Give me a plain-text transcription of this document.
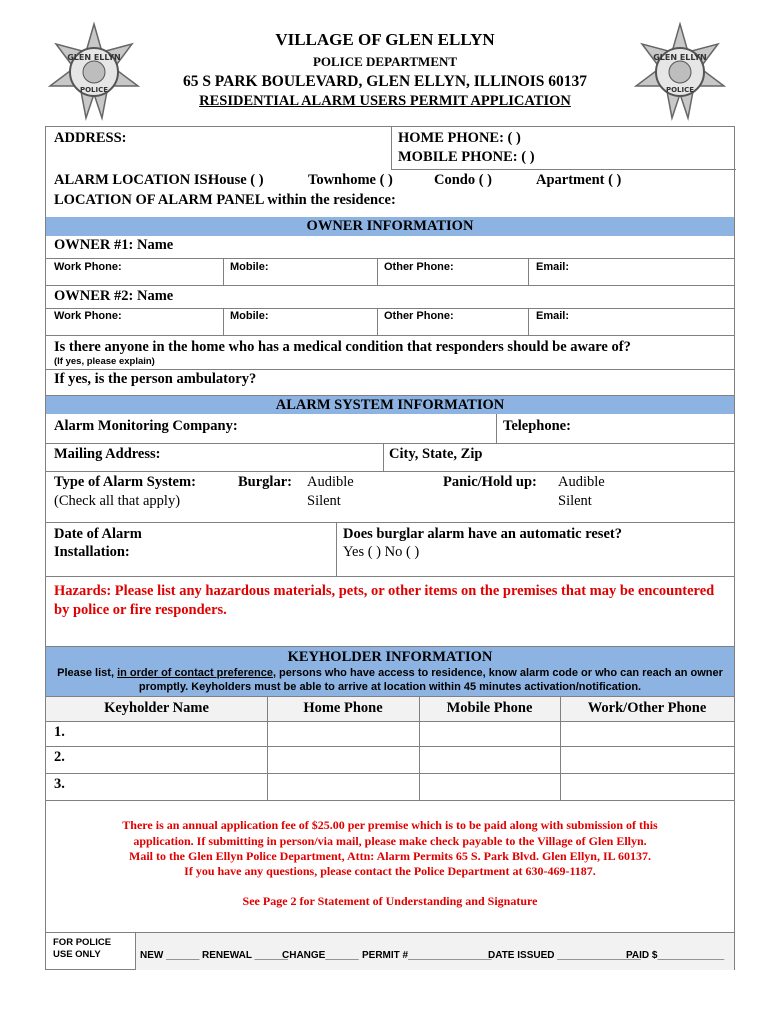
GLEN ELLYN
POLICE
GLEN ELLYN
POLICE
VILLAGE OF GLEN ELLYN
POLICE DEPARTMENT
65 S PARK BOULEVARD, GLEN ELLYN, ILLINOIS 60137
RESIDENTIAL ALARM USERS PERMIT APPLICATION
ADDRESS:	HOME PHONE: ( )
MOBILE PHONE: ( )
ALARM LOCATION IS:
House ( )	Townhome ( )	Condo ( )	Apartment ( )
LOCATION OF ALARM PANEL within the residence:
OWNER INFORMATION
OWNER #1: Name
Work Phone:	Mobile:	Other Phone:	Email:
OWNER #2: Name
Work Phone:	Mobile:	Other Phone:	Email:
Is there anyone in the home who has a medical condition that responders should be aware of?
(If yes, please explain)
If yes, is the person ambulatory?
ALARM SYSTEM INFORMATION
Alarm Monitoring Company:	Telephone:
Mailing Address:	City, State, Zip
Type of Alarm System:
(Check all that apply)
Burglar: Audible
Silent
Panic/Hold up: Audible
Silent
Date of Alarm
Installation:
Does burglar alarm have an automatic reset?
Yes ( ) No ( )
Hazards: Please list any hazardous materials, pets, or other items on the premises that may be encountered by police or fire responders.
KEYHOLDER INFORMATION
Please list, in order of contact preference, persons who have access to residence, know alarm code or who can reach an owner
promptly. Keyholders must be able to arrive at location within 45 minutes activation/notification.
Keyholder Name	Home Phone	Mobile Phone	Work/Other Phone
1.
2.
3.
There is an annual application fee of $25.00 per premise which is to be paid along with submission of this
application. If submitting in person/via mail, please make check payable to the Village of Glen Ellyn.
Mail to the Glen Ellyn Police Department, Attn: Alarm Permits 65 S. Park Blvd. Glen Ellyn, IL 60137.
If you have any questions, please contact the Police Department at 630-469-1187.
See Page 2 for Statement of Understanding and Signature
FOR POLICE
USE ONLY	NEW ______ RENEWAL ______
CHANGE______ PERMIT #_______________
DATE ISSUED _______________
PAID $____________
